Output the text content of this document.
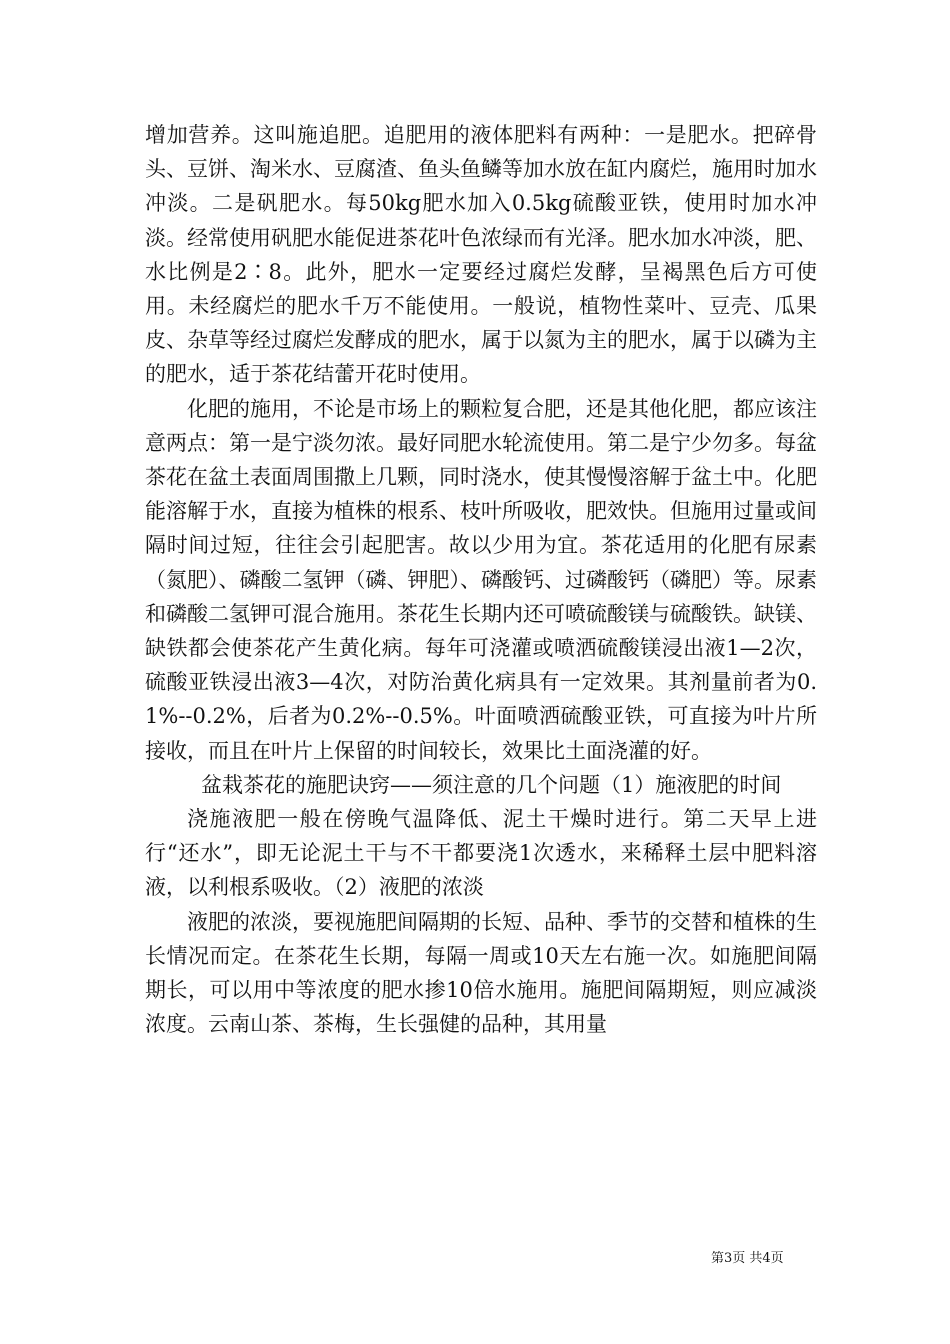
增加营养。这叫施追肥。追肥用的液体肥料有两种：一是肥水。把碎骨头、豆饼、淘米水、豆腐渣、鱼头鱼鳞等加水放在缸内腐烂，施用时加水冲淡。二是矾肥水。每50kg肥水加入0.5kg硫酸亚铁，使用时加水冲淡。经常使用矾肥水能促进茶花叶色浓绿而有光泽。肥水加水冲淡，肥、水比例是2∶8。此外，肥水一定要经过腐烂发酵，呈褐黑色后方可使用。未经腐烂的肥水千万不能使用。一般说，植物性菜叶、豆壳、瓜果皮、杂草等经过腐烂发酵成的肥水，属于以氮为主的肥水，属于以磷为主的肥水，适于茶花结蕾开花时使用。

化肥的施用，不论是市场上的颗粒复合肥，还是其他化肥，都应该注意两点：第一是宁淡勿浓。最好同肥水轮流使用。第二是宁少勿多。每盆茶花在盆土表面周围撒上几颗，同时浇水，使其慢慢溶解于盆土中。化肥能溶解于水，直接为植株的根系、枝叶所吸收，肥效快。但施用过量或间隔时间过短，往往会引起肥害。故以少用为宜。茶花适用的化肥有尿素（氮肥）、磷酸二氢钾（磷、钾肥）、磷酸钙、过磷酸钙（磷肥）等。尿素和磷酸二氢钾可混合施用。茶花生长期内还可喷硫酸镁与硫酸铁。缺镁、缺铁都会使茶花产生黄化病。每年可浇灌或喷洒硫酸镁浸出液1—2次，硫酸亚铁浸出液3—4次，对防治黄化病具有一定效果。其剂量前者为0.1%--0.2%，后者为0.2%--0.5%。叶面喷洒硫酸亚铁，可直接为叶片所接收，而且在叶片上保留的时间较长，效果比土面浇灌的好。

盆栽茶花的施肥诀窍——须注意的几个问题（1）施液肥的时间

浇施液肥一般在傍晚气温降低、泥土干燥时进行。第二天早上进行“还水”，即无论泥土干与不干都要浇1次透水，来稀释土层中肥料溶液，以利根系吸收。（2）液肥的浓淡

液肥的浓淡，要视施肥间隔期的长短、品种、季节的交替和植株的生长情况而定。在茶花生长期，每隔一周或10天左右施一次。如施肥间隔期长，可以用中等浓度的肥水掺10倍水施用。施肥间隔期短，则应减淡浓度。云南山茶、茶梅，生长强健的品种，其用量

第3页 共4页
